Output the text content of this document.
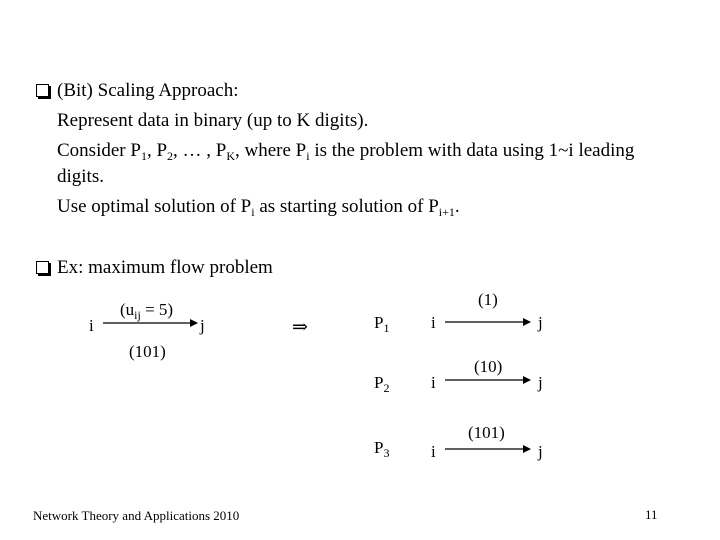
(Bit) Scaling Approach:
Represent data in binary (up to K digits).
Consider $P_1$, $P_2$, … , $P_K$, where $P_i$ is the problem with data using 1~i leading
digits.
Use optimal solution of $P_i$ as starting solution of $P_{i+1}$.
Ex: maximum flow problem
i	j
$(u_{ij} = 5)$
(101)
⇒	$P_1$ i	j
(1)
$P_2$ i	j
(10)
$P_3$ i	j
(101)
Network Theory and Applications 2010	11
